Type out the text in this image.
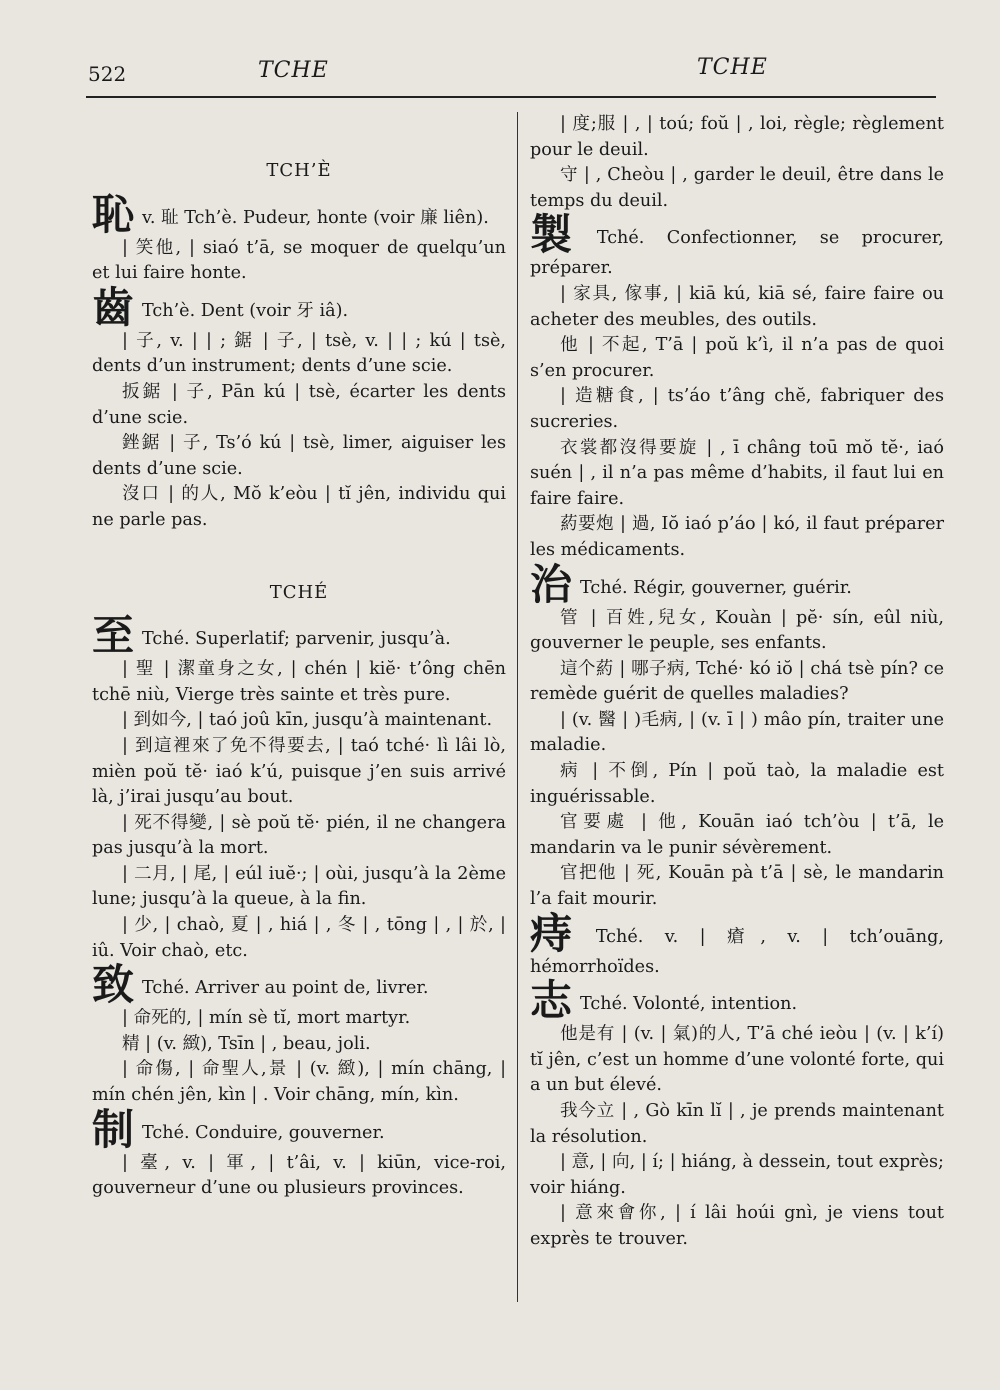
522	TCHE	TCHE
TCH’È

恥v. 耻 Tch’è. Pudeur, honte (voir 廉 liên).

| 笑他, | siaó t’ā, se moquer de quelqu’un et lui faire honte.

齒 Tch’è. Dent (voir 牙 iâ).

| 子, v. | | ; 鋸 | 子, | tsè, v. | | ; kú | tsè, dents d’un instrument; dents d’une scie.

扳鋸 | 子, Pān kú | tsè, écarter les dents d’une scie.

銼鋸 | 子, Ts’ó kú | tsè, limer, aiguiser les dents d’une scie.

沒口 | 的人, Mŏ k’eòu | tĭ jên, individu qui ne parle pas.

TCHÉ

至 Tché. Superlatif; parvenir, jusqu’à.

| 聖 | 潔童身之女, | chén | kiĕ· t’ông chēn tchē niù, Vierge très sainte et très pure.

| 到如今, | taó joû kīn, jusqu’à maintenant.

| 到這裡來了免不得要去, | taó tché· lì lâi lò, mièn poŭ tĕ· iaó k’ú, puisque j’en suis arrivé là, j’irai jusqu’au bout.

| 死不得變, | sè poŭ tĕ· pién, il ne changera pas jusqu’à la mort.

| 二月, | 尾, | eúl iuĕ·; | oùi, jusqu’à la 2ème lune; jusqu’à la queue, à la fin.

| 少, | chaò, 夏 | , hiá | , 冬 | , tōng | , | 於, | iû. Voir chaò, etc.

致 Tché. Arriver au point de, livrer.

| 命死的, | mín sè tĭ, mort martyr.

精 | (v. 緻), Tsīn | , beau, joli.

| 命傷, | 命聖人,景 | (v. 緻), | mín chāng, | mín chén jên, kìn | . Voir chāng, mín, kìn.

制 Tché. Conduire, gouverner.

| 臺, v. | 軍, | t’âi, v. | kiūn, vice-roi, gouverneur d’une ou plusieurs provinces.

| 度;服 | , | toú; foŭ | , loi, règle; règlement pour le deuil.

守 | , Cheòu | , garder le deuil, être dans le temps du deuil.

製 Tché. Confectionner, se procurer, préparer.

| 家具, 傢事, | kiā kú, kiā sé, faire faire ou acheter des meubles, des outils.

他 | 不起, T’ā | poŭ k’ì, il n’a pas de quoi s’en procurer.

| 造糖食, | ts’áo t’âng chĕ, fabriquer des sucreries.

衣裳都沒得要旋 | , ī châng toū mŏ tĕ·, iaó suén | , il n’a pas même d’habits, il faut lui en faire faire.

葯要炮 | 過, Iŏ iaó p’áo | kó, il faut préparer les médicaments.

治 Tché. Régir, gouverner, guérir.

管 | 百姓,兒女, Kouàn | pĕ· sín, eûl niù, gouverner le peuple, ses enfants.

這个葯 | 哪子病, Tché· kó iŏ | chá tsè pín? ce remède guérit de quelles maladies?

| (v. 醫 | )毛病, | (v. ī | ) mâo pín, traiter une maladie.

病 | 不倒, Pín | poŭ taò, la maladie est inguérissable.

官要處 | 他, Kouān iaó tch’òu | t’ā, le mandarin va le punir sévèrement.

官把他 | 死, Kouān pà t’ā | sè, le mandarin l’a fait mourir.

痔 Tché. v. | 瘡, v. | tch’ouāng, hémorrhoïdes.

志 Tché. Volonté, intention.

他是有 | (v. | 氣)的人, T’ā ché ieòu | (v. | k’í) tĭ jên, c’est un homme d’une volonté forte, qui a un but élevé.

我今立 | , Gò kīn lĭ | , je prends maintenant la résolution.

| 意, | 向, | í; | hiáng, à dessein, tout exprès; voir hiáng.

| 意來會你, | í lâi hoúi gnì, je viens tout exprès te trouver.
